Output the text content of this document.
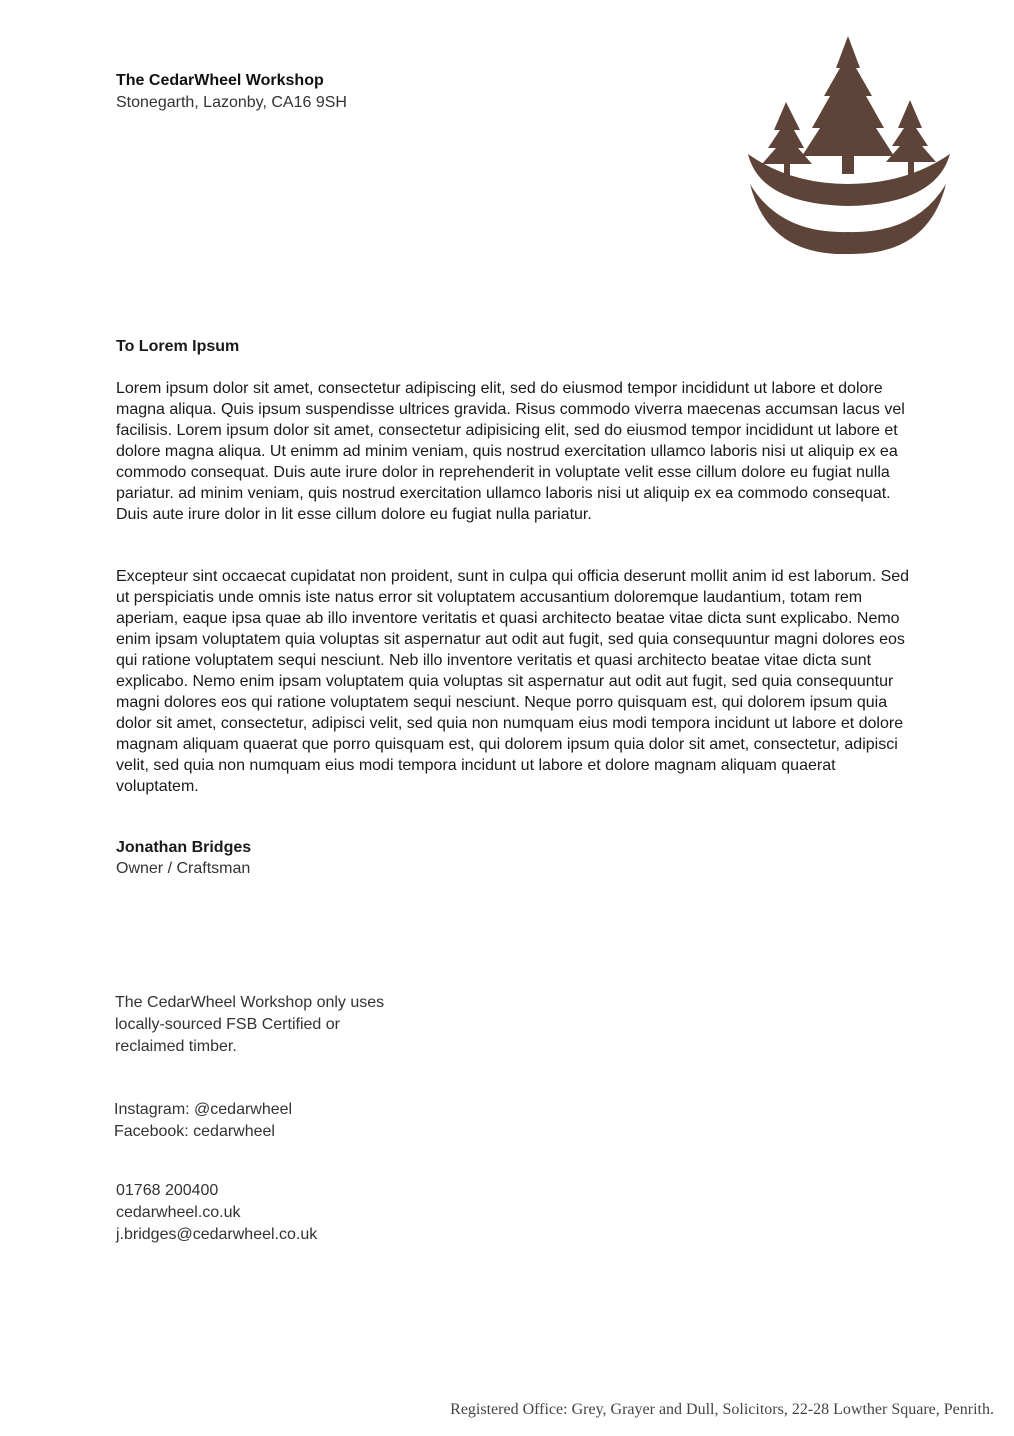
The CedarWheel Workshop
Stonegarth, Lazonby, CA16 9SH
To Lorem Ipsum
Lorem ipsum dolor sit amet, consectetur adipiscing elit, sed do eiusmod tempor incididunt ut labore et dolore magna aliqua. Quis ipsum suspendisse ultrices gravida. Risus commodo viverra maecenas accumsan lacus vel facilisis. Lorem ipsum dolor sit amet, consectetur adipisicing elit, sed do eiusmod tempor incididunt ut labore et dolore magna aliqua. Ut enimm ad minim veniam, quis nostrud exercitation ullamco laboris nisi ut aliquip ex ea commodo consequat. Duis aute irure dolor in reprehenderit in voluptate velit esse cillum dolore eu fugiat nulla pariatur. ad minim veniam, quis nostrud exercitation ullamco laboris nisi ut aliquip ex ea commodo consequat. Duis aute irure dolor in lit esse cillum dolore eu fugiat nulla pariatur.
Excepteur sint occaecat cupidatat non proident, sunt in culpa qui officia deserunt mollit anim id est laborum. Sed ut perspiciatis unde omnis iste natus error sit voluptatem accusantium doloremque laudantium, totam rem aperiam, eaque ipsa quae ab illo inventore veritatis et quasi architecto beatae vitae dicta sunt explicabo. Nemo enim ipsam voluptatem quia voluptas sit aspernatur aut odit aut fugit, sed quia consequuntur magni dolores eos qui ratione voluptatem sequi nesciunt. Neb illo inventore veritatis et quasi architecto beatae vitae dicta sunt explicabo. Nemo enim ipsam voluptatem quia voluptas sit aspernatur aut odit aut fugit, sed quia consequuntur magni dolores eos qui ratione voluptatem sequi nesciunt. Neque porro quisquam est, qui dolorem ipsum quia dolor sit amet, consectetur, adipisci velit, sed quia non numquam eius modi tempora incidunt ut labore et dolore magnam aliquam quaerat que porro quisquam est, qui dolorem ipsum quia dolor sit amet, consectetur, adipisci velit, sed quia non numquam eius modi tempora incidunt ut labore et dolore magnam aliquam quaerat voluptatem.
Jonathan Bridges
Owner / Craftsman
The CedarWheel Workshop only uses
locally-sourced FSB Certified or
reclaimed timber.
Instagram: @cedarwheel
Facebook: cedarwheel
01768 200400
cedarwheel.co.uk
j.bridges@cedarwheel.co.uk
Registered Office: Grey, Grayer and Dull, Solicitors, 22-28 Lowther Square, Penrith.
